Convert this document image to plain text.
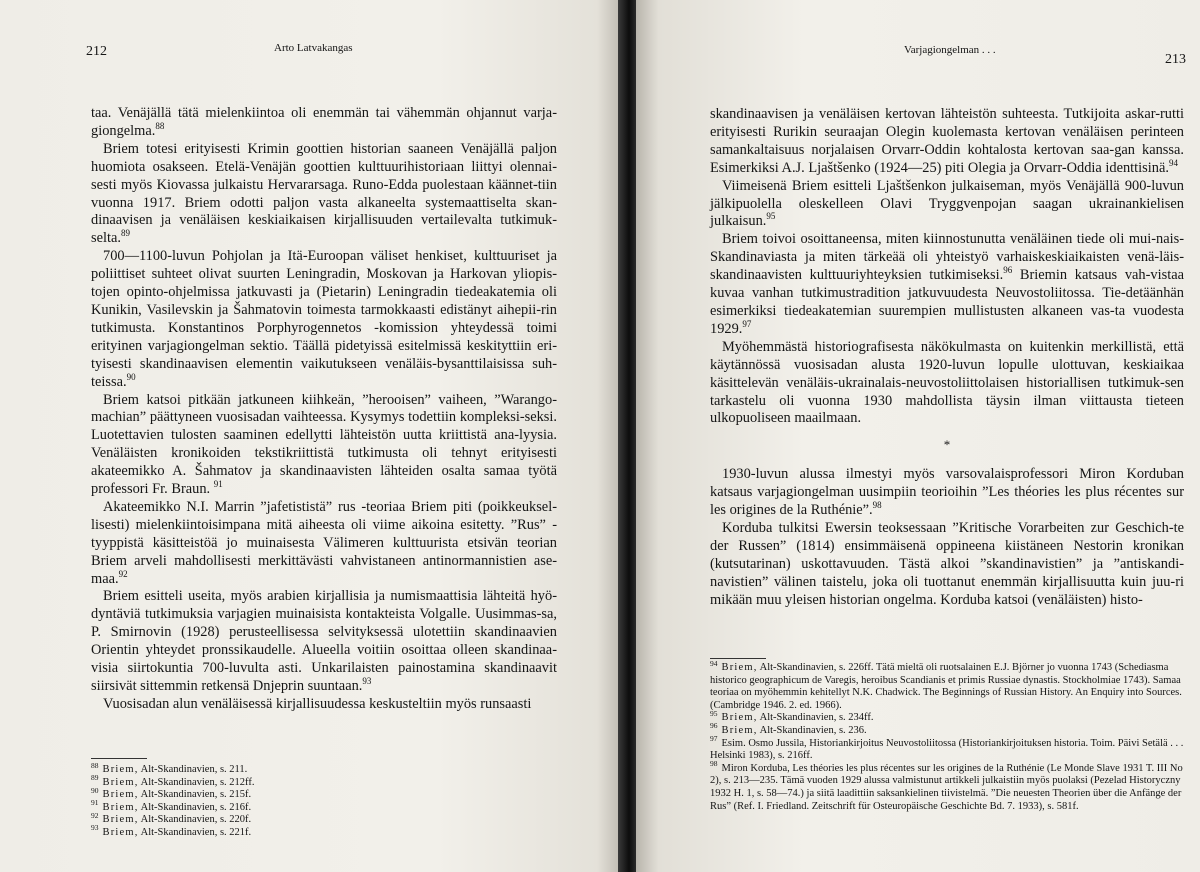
212	Arto Latvakangas

taa. Venäjällä tätä mielenkiintoa oli enemmän tai vähemmän ohjannut varja-giongelma.$^{88}$

Briem totesi erityisesti Krimin goottien historian saaneen Venäjällä paljon huomiota osakseen. Etelä-Venäjän goottien kulttuurihistoriaan liittyi olennai-sesti myös Kiovassa julkaistu Hervararsaga. Runo-Edda puolestaan käännet-tiin vuonna 1917. Briem odotti paljon vasta alkaneelta systemaattiselta skan-dinaavisen ja venäläisen keskiaikaisen kirjallisuuden vertailevalta tutkimuk-selta.$^{89}$

700—1100-luvun Pohjolan ja Itä-Euroopan väliset henkiset, kulttuuriset ja poliittiset suhteet olivat suurten Leningradin, Moskovan ja Harkovan yliopis-tojen opinto-ohjelmissa jatkuvasti ja (Pietarin) Leningradin tiedeakatemia oli Kunikin, Vasilevskin ja Šahmatovin toimesta tarmokkaasti edistänyt aihepii-rin tutkimusta. Konstantinos Porphyrogennetos -komission yhteydessä toimi erityinen varjagiongelman sektio. Täällä pidetyissä esitelmissä keskityttiin eri-tyisesti skandinaavisen elementin vaikutukseen venäläis-bysanttilaisissa suh-teissa.$^{90}$

Briem katsoi pitkään jatkuneen kiihkeän, ”herooisen” vaiheen, ”Warango-machian” päättyneen vuosisadan vaihteessa. Kysymys todettiin kompleksi-seksi. Luotettavien tulosten saaminen edellytti lähteistön uutta kriittistä ana-lyysia. Venäläisten kronikoiden tekstikriittistä tutkimusta oli tehnyt erityisesti akateemikko A. Šahmatov ja skandinaavisten lähteiden osalta samaa työtä professori Fr. Braun. $^{91}$

Akateemikko N.I. Marrin ”jafetististä” rus -teoriaa Briem piti (poikkeuksel-lisesti) mielenkiintoisimpana mitä aiheesta oli viime aikoina esitetty. ”Rus” -tyyppistä käsitteistöä jo muinaisesta Välimeren kulttuurista etsivän teorian Briem arveli mahdollisesti merkittävästi vahvistaneen antinormannistien ase-maa.$^{92}$

Briem esitteli useita, myös arabien kirjallisia ja numismaattisia lähteitä hyö-dyntäviä tutkimuksia varjagien muinaisista kontakteista Volgalle. Uusimmas-sa, P. Smirnovin (1928) perusteellisessa selvityksessä ulotettiin skandinaavien Orientin yhteydet pronssikaudelle. Alueella voitiin osoittaa olleen skandinaa-visia siirtokuntia 700-luvulta asti. Unkarilaisten painostamina skandinaavit siirsivät sittemmin retkensä Dnjeprin suuntaan.$^{93}$

Vuosisadan alun venäläisessä kirjallisuudessa keskusteltiin myös runsaasti

$^{88}$ Briem, Alt-Skandinavien, s. 211.
$^{89}$ Briem, Alt-Skandinavien, s. 212ff.
$^{90}$ Briem, Alt-Skandinavien, s. 215f.
$^{91}$ Briem, Alt-Skandinavien, s. 216f.
$^{92}$ Briem, Alt-Skandinavien, s. 220f.
$^{93}$ Briem, Alt-Skandinavien, s. 221f.
Varjagiongelman . . .
213

skandinaavisen ja venäläisen kertovan lähteistön suhteesta. Tutkijoita askar-rutti erityisesti Rurikin seuraajan Olegin kuolemasta kertovan venäläisen perinteen samankaltaisuus norjalaisen Orvarr-Oddin kohtalosta kertovan saa-gan kanssa. Esimerkiksi A.J. Ljaštšenko (1924—25) piti Olegia ja Orvarr-Oddia identtisinä.$^{94}$

Viimeisenä Briem esitteli Ljaštšenkon julkaiseman, myös Venäjällä 900-luvun jälkipuolella oleskelleen Olavi Tryggvenpojan saagan ukrainankielisen julkaisun.$^{95}$

Briem toivoi osoittaneensa, miten kiinnostunutta venäläinen tiede oli mui-nais-Skandinaviasta ja miten tärkeää oli yhteistyö varhaiskeskiaikaisten venä-läis-skandinaavisten kulttuuriyhteyksien tutkimiseksi.$^{96}$ Briemin katsaus vah-vistaa kuvaa vanhan tutkimustradition jatkuvuudesta Neuvostoliitossa. Tie-detäänhän esimerkiksi tiedeakatemian suurempien mullistusten alkaneen vas-ta vuodesta 1929.97

Myöhemmästä historiografisesta näkökulmasta on kuitenkin merkillistä, että käytännössä vuosisadan alusta 1920-luvun lopulle ulottuvan, keskiaikaa käsittelevän venäläis-ukrainalais-neuvostoliittolaisen historiallisen tutkimuk-sen tarkastelu oli vuonna 1930 mahdollista täysin ilman viittausta tieteen ulkopuoliseen maailmaan.

*

1930-luvun alussa ilmestyi myös varsovalaisprofessori Miron Korduban katsaus varjagiongelman uusimpiin teorioihin ”Les théories les plus récentes sur les origines de la Ruthénie”.$^{98}$

Korduba tulkitsi Ewersin teoksessaan ”Kritische Vorarbeiten zur Geschich-te der Russen” (1814) ensimmäisenä oppineena kiistäneen Nestorin kronikan (kutsutarinan) uskottavuuden. Tästä alkoi ”skandinavistien” ja ”antiskandi-navistien” välinen taistelu, joka oli tuottanut enemmän kirjallisuutta kuin juu-ri mikään muu yleisen historian ongelma. Korduba katsoi (venäläisten) histo-

$^{94}$ Briem, Alt-Skandinavien, s. 226ff. Tätä mieltä oli ruotsalainen E.J. Björner jo vuonna 1743 (Schediasma historico geographicum de Varegis, heroibus Scandianis et primis Russiae dynastis. Stockholmiae 1743). Samaa teoriaa on myöhemmin kehitellyt N.K. Chadwick. The Beginnings of Russian History. An Enquiry into Sources. (Cambridge 1946. 2. ed. 1966).
$^{95}$ Briem, Alt-Skandinavien, s. 234ff.
$^{96}$ Briem, Alt-Skandinavien, s. 236.
$^{97}$ Esim. Osmo Jussila, Historiankirjoitus Neuvostoliitossa (Historiankirjoituksen historia. Toim. Päivi Setälä . . . Helsinki 1983), s. 216ff.
$^{98}$ Miron Korduba, Les théories les plus récentes sur les origines de la Ruthénie (Le Monde Slave 1931 T. III No 2), s. 213—235. Tämä vuoden 1929 alussa valmistunut artikkeli julkaistiin myös puolaksi (Pezelad Historyczny 1932 H. 1, s. 58—74.) ja siitä laadittiin saksankielinen tiivistelmä. ”Die neuesten Theorien über die Anfänge der Rus” (Ref. I. Friedland. Zeitschrift für Osteuropäische Geschichte Bd. 7. 1933), s. 581f.
